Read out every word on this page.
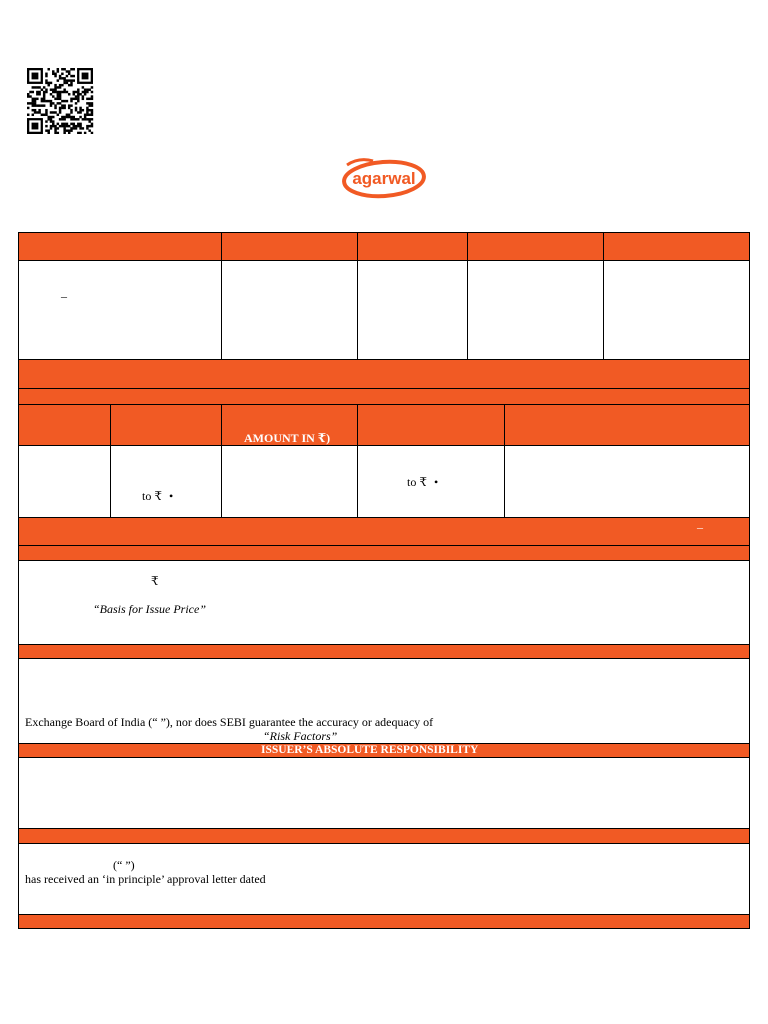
agarwal
–
AMOUNT IN ₹)
to ₹ •
to ₹ •
–
₹
“Basis for Issue Price”
Exchange Board of India (“ ”), nor does SEBI guarantee the accuracy or adequacy of
“Risk Factors”
ISSUER’S ABSOLUTE RESPONSIBILITY
(“ ”)
has received an ‘in principle’ approval letter dated
